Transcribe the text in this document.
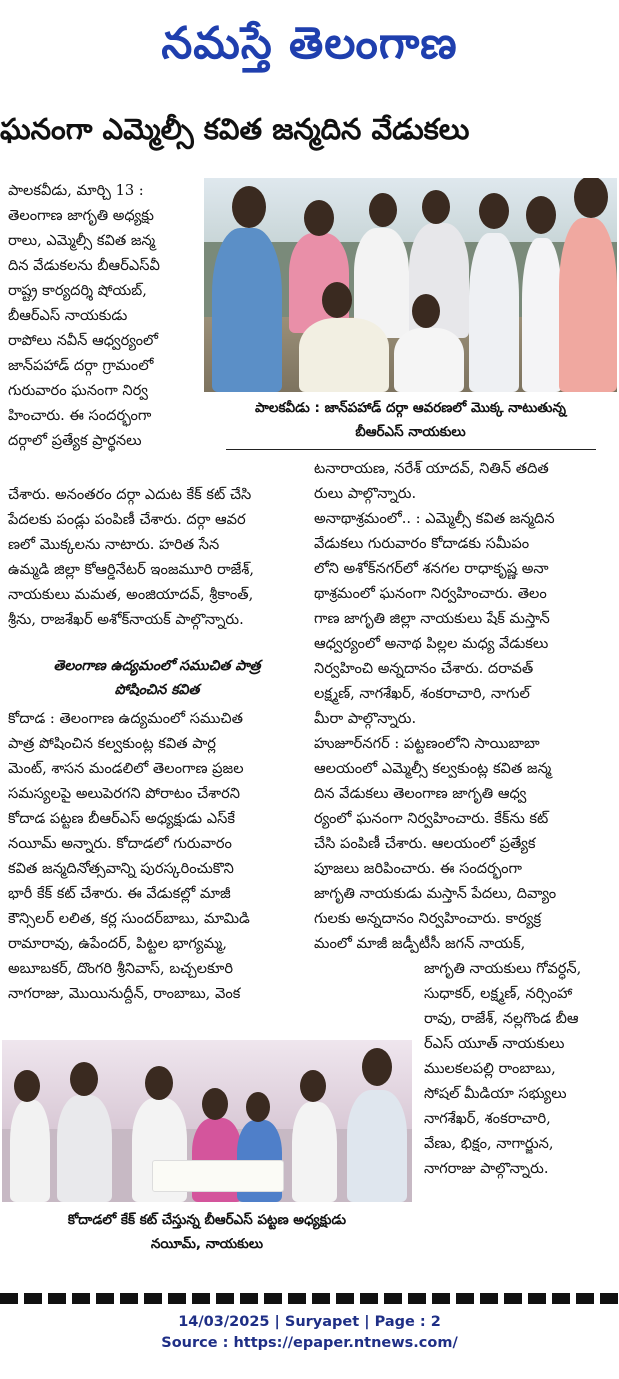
నమస్తే తెలంగాణ
ఘనంగా ఎమ్మెల్సీ కవిత జన్మదిన వేడుకలు

పాలకవీడు, మార్చి 13 :

తెలంగాణ జాగృతి అధ్యక్షు

రాలు, ఎమ్మెల్సీ కవిత జన్మ

దిన వేడుకలను బీఆర్‌ఎస్‌వీ

రాష్ట్ర కార్యదర్శి షోయబ్,

బీఆర్‌ఎస్ నాయకుడు

రాపోలు నవీన్ ఆధ్వర్యంలో

జాన్‌పహాడ్ దర్గా గ్రామంలో

గురువారం ఘనంగా నిర్వ

హించారు. ఈ సందర్భంగా

దర్గాలో ప్రత్యేక ప్రార్థనలు

పాలకవీడు : జాన్‌పహాడ్ దర్గా ఆవరణలో మొక్క నాటుతున్న
బీఆర్‌ఎస్ నాయకులు

చేశారు. అనంతరం దర్గా ఎదుట కేక్ కట్ చేసి

పేదలకు పండ్లు పంపిణీ చేశారు. దర్గా ఆవర

ణలో మొక్కలను నాటారు. హరిత సేన

ఉమ్మడి జిల్లా కోఆర్డినేటర్ ఇంజమూరి రాజేశ్,

నాయకులు మమత, అంజియాదవ్, శ్రీకాంత్,

శ్రీను, రాజశేఖర్ అశోక్‌నాయక్ పాల్గొన్నారు.

తెలంగాణ ఉద్యమంలో సముచిత పాత్ర
పోషించిన కవిత

కోదాడ : తెలంగాణ ఉద్యమంలో సముచిత

పాత్ర పోషించిన కల్వకుంట్ల కవిత పార్ల

మెంట్, శాసన మండలిలో తెలంగాణ ప్రజల

సమస్యలపై అలుపెరగని పోరాటం చేశారని

కోదాడ పట్టణ బీఆర్‌ఎస్ అధ్యక్షుడు ఎస్‌కే

నయీమ్ అన్నారు. కోదాడలో గురువారం

కవిత జన్మదినోత్సవాన్ని పురస్కరించుకొని

భారీ కేక్ కట్ చేశారు. ఈ వేడుకల్లో మాజీ

కౌన్సిలర్ లలిత, కర్ల సుందర్‌బాబు, మామిడి

రామారావు, ఉపేందర్, పిట్టల భాగ్యమ్మ,

అబూబకర్, దొంగరి శ్రీనివాస్, బచ్చలకూరి

నాగరాజు, మొయినుద్దీన్, రాంబాబు, వెంక

టనారాయణ, నరేశ్ యాదవ్, నితిన్ తదిత

రులు పాల్గొన్నారు.

అనాథాశ్రమంలో.. : ఎమ్మెల్సీ కవిత జన్మదిన

వేడుకలు గురువారం కోదాడకు సమీపం

లోని అశోక్‌నగర్‌లో శనగల రాధాకృష్ణ అనా

థాశ్రమంలో ఘనంగా నిర్వహించారు. తెలం

గాణ జాగృతి జిల్లా నాయకులు షేక్ మస్తాన్

ఆధ్వర్యంలో అనాథ పిల్లల మధ్య వేడుకలు

నిర్వహించి అన్నదానం చేశారు. దరావత్

లక్ష్మణ్, నాగశేఖర్, శంకరాచారి, నాగుల్

మీరా పాల్గొన్నారు.

హుజూర్‌నగర్ : పట్టణంలోని సాయిబాబా

ఆలయంలో ఎమ్మెల్సీ కల్వకుంట్ల కవిత జన్మ

దిన వేడుకలు తెలంగాణ జాగృతి ఆధ్వ

ర్యంలో ఘనంగా నిర్వహించారు. కేక్‌ను కట్

చేసి పంపిణీ చేశారు. ఆలయంలో ప్రత్యేక

పూజలు జరిపించారు. ఈ సందర్భంగా

జాగృతి నాయకుడు మస్తాన్ పేదలు, దివ్యాం

గులకు అన్నదానం నిర్వహించారు. కార్యక్ర

మంలో మాజీ జడ్పీటీసీ జగన్ నాయక్,

జాగృతి నాయకులు గోవర్ధన్,

సుధాకర్, లక్ష్మణ్, నర్సింహా

రావు, రాజేశ్, నల్లగొండ బీఆ

ర్‌ఎస్ యూత్ నాయకులు

ములకలపల్లి రాంబాబు,

సోషల్ మీడియా సభ్యులు

నాగశేఖర్, శంకరాచారి,

వేణు, భిక్షం, నాగార్జున,

నాగరాజు పాల్గొన్నారు.

కోదాడలో కేక్ కట్ చేస్తున్న బీఆర్‌ఎస్ పట్టణ అధ్యక్షుడు
నయీమ్, నాయకులు
14/03/2025 | Suryapet | Page : 2
Source : https://epaper.ntnews.com/
